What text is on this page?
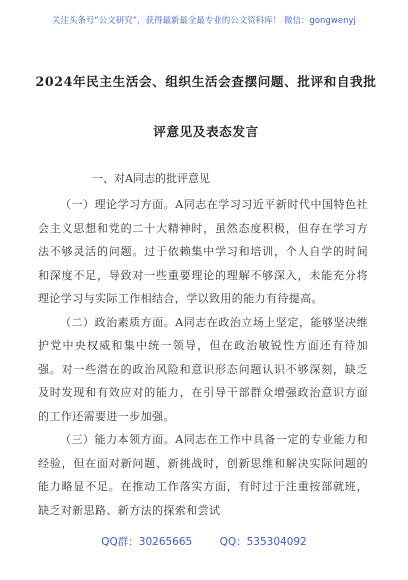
关注头条号“公文研究”，获得最新最全最专业的公文资料库！ 微信：gongwenyj
2024年民主生活会、组织生活会查摆问题、批评和自我批
评意见及表态发言
一、对A同志的批评意见

（一）理论学习方面。A同志在学习习近平新时代中国特色社会主义思想和党的二十大精神时，虽然态度积极，但存在学习方法不够灵活的问题。过于依赖集中学习和培训，个人自学的时间和深度不足，导致对一些重要理论的理解不够深入，未能充分将理论学习与实际工作相结合，学以致用的能力有待提高。

（二）政治素质方面。A同志在政治立场上坚定，能够坚决维护党中央权威和集中统一领导，但在政治敏锐性方面还有待加强。对一些潜在的政治风险和意识形态问题认识不够深刻，缺乏及时发现和有效应对的能力，在引导干部群众增强政治意识方面的工作还需要进一步加强。

（三）能力本领方面。A同志在工作中具备一定的专业能力和经验，但在面对新问题、新挑战时，创新思维和解决实际问题的能力略显不足。在推动工作落实方面，有时过于注重按部就班，缺乏对新思路、新方法的探索和尝试

QQ群：30265665	QQ：535304092
